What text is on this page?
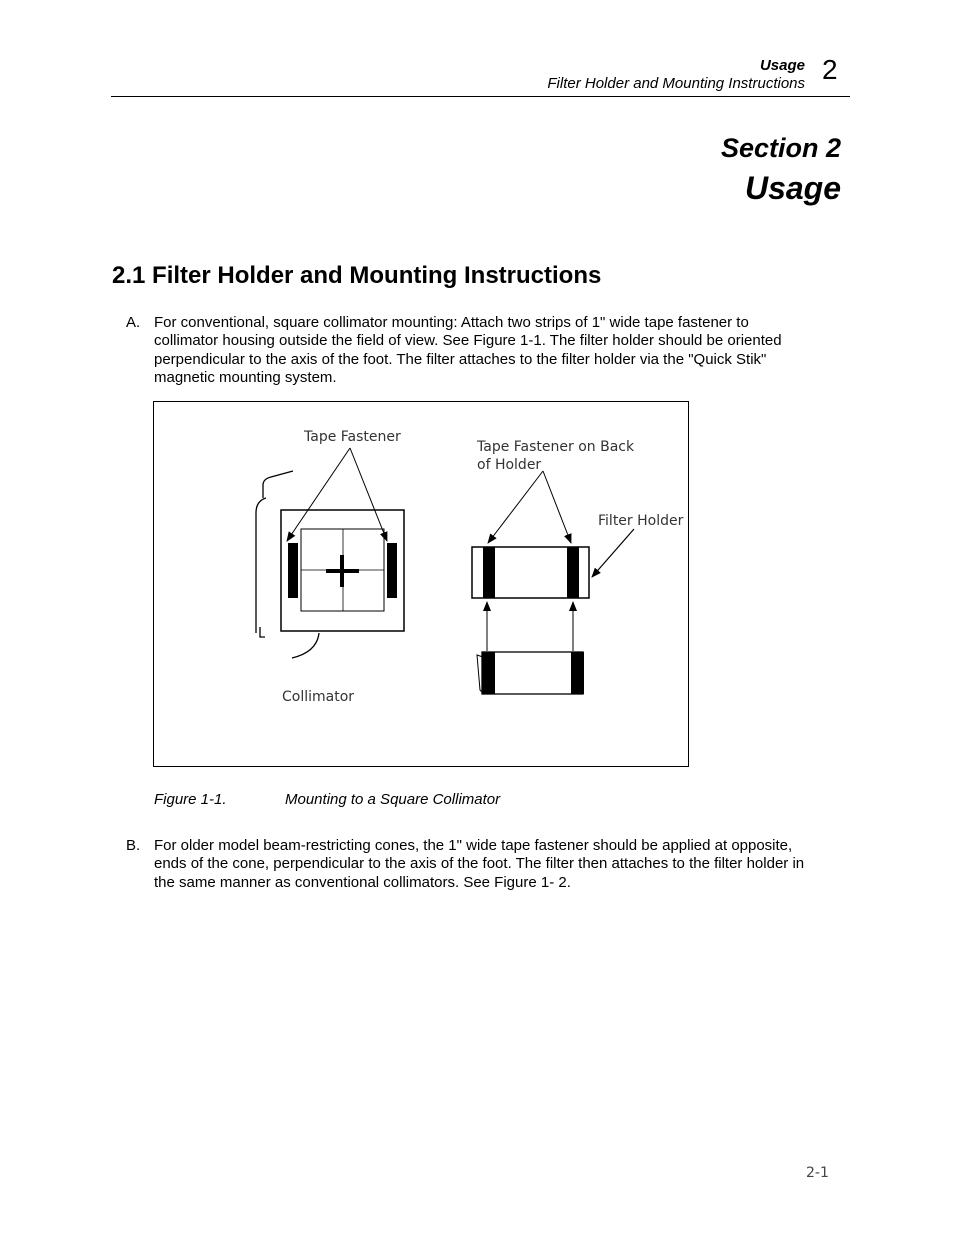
Usage
Filter Holder and Mounting Instructions 2
Section 2
Usage
2.1 Filter Holder and Mounting Instructions
A. For conventional, square collimator mounting: Attach two strips of 1" wide tape fastener to
collimator housing outside the field of view. See Figure 1-1. The filter holder should be oriented
perpendicular to the axis of the foot. The filter attaches to the filter holder via the "Quick Stik"
magnetic mounting system.
Tape Fastener
Tape Fastener on Back
of Holder
Filter Holder
Collimator
Figure 1-1.	Mounting to a Square Collimator
B. For older model beam-restricting cones, the 1" wide tape fastener should be applied at opposite,
ends of the cone, perpendicular to the axis of the foot. The filter then attaches to the filter holder in
the same manner as conventional collimators. See Figure 1- 2.
2-1
